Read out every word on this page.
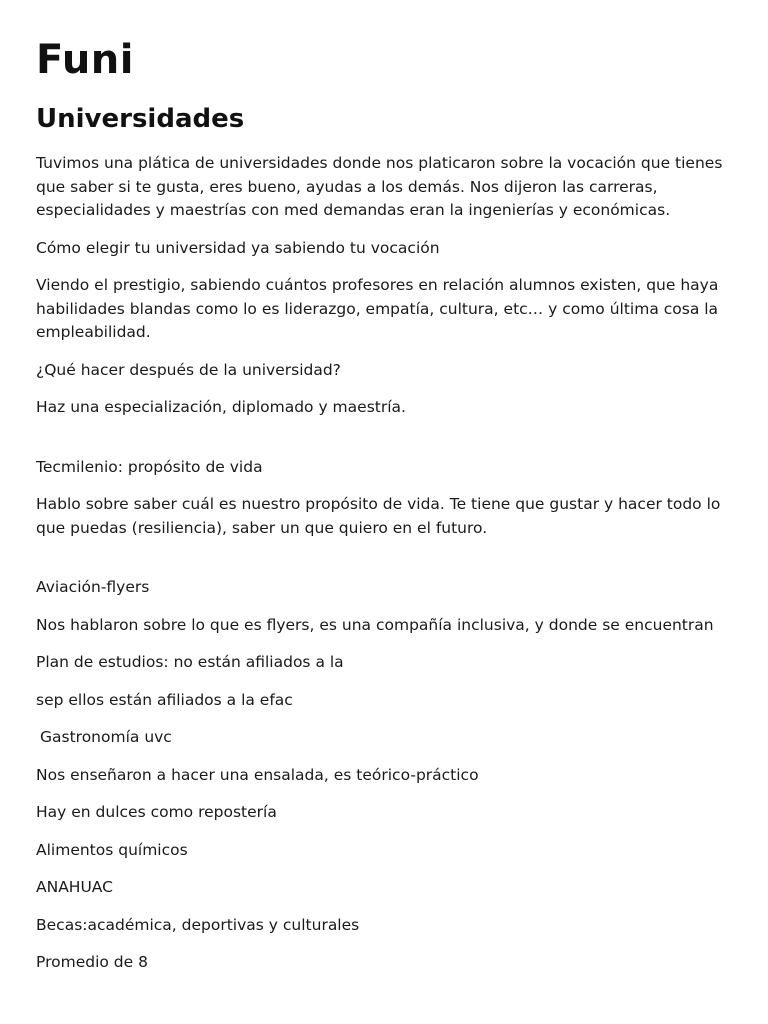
Funi
Universidades

Tuvimos una plática de universidades donde nos platicaron sobre la vocación que tienes que saber si te gusta, eres bueno, ayudas a los demás. Nos dijeron las carreras, especialidades y maestrías con med demandas eran la ingenierías y económicas.

Cómo elegir tu universidad ya sabiendo tu vocación

Viendo el prestigio, sabiendo cuántos profesores en relación alumnos existen, que haya habilidades blandas como lo es liderazgo, empatía, cultura, etc… y como última cosa la empleabilidad.

¿Qué hacer después de la universidad?

Haz una especialización, diplomado y maestría.

Tecmilenio: propósito de vida

Hablo sobre saber cuál es nuestro propósito de vida. Te tiene que gustar y hacer todo lo que puedas (resiliencia), saber un que quiero en el futuro.

Aviación-flyers

Nos hablaron sobre lo que es flyers, es una compañía inclusiva, y donde se encuentran

Plan de estudios: no están afiliados a la

sep ellos están afiliados a la efac

Gastronomía uvc

Nos enseñaron a hacer una ensalada, es teórico-práctico

Hay en dulces como repostería

Alimentos químicos

ANAHUAC

Becas:académica, deportivas y culturales

Promedio de 8
